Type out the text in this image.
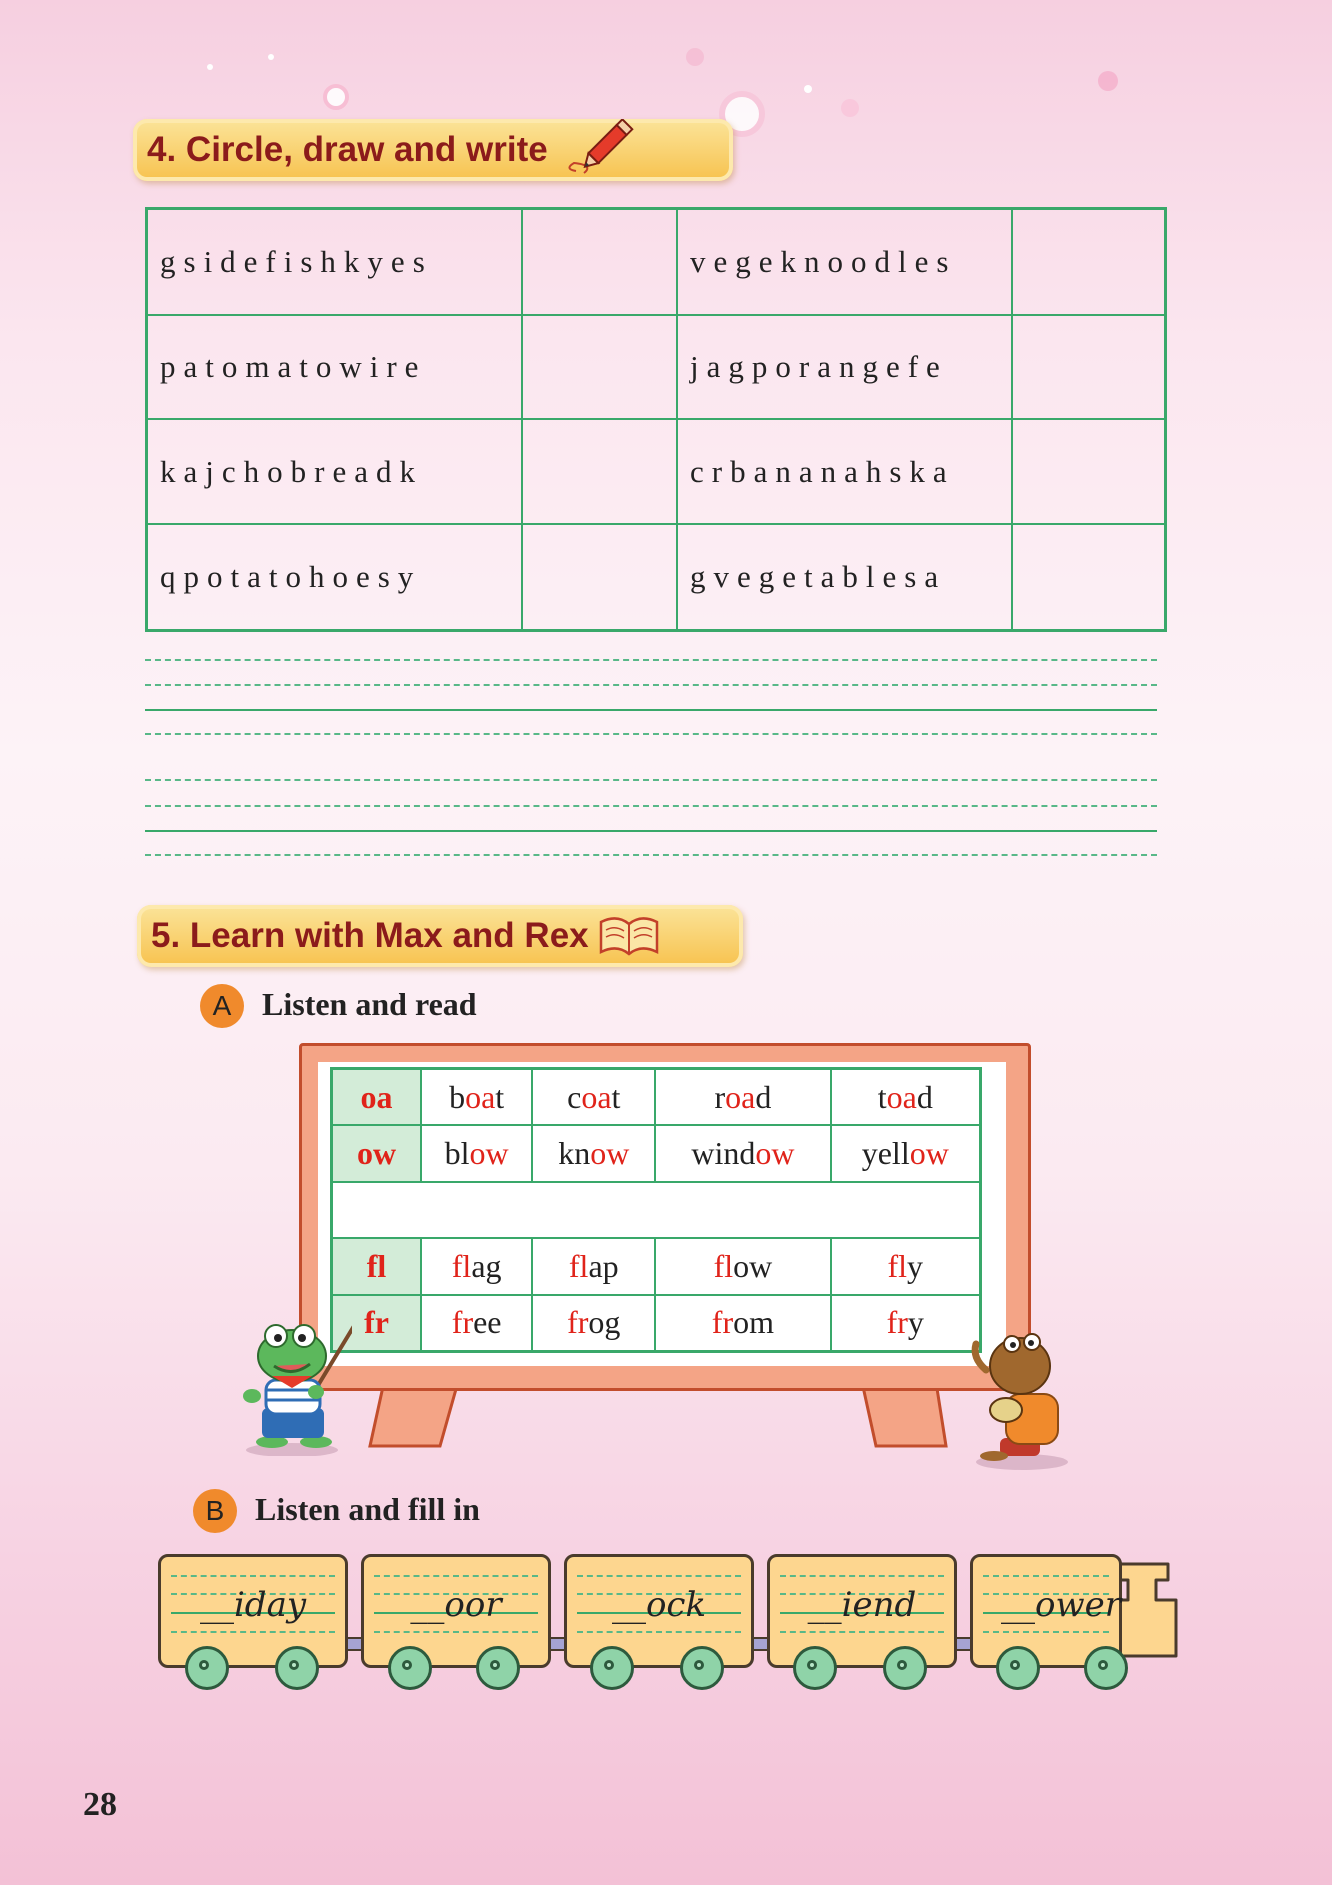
4. Circle, draw and write
gsidefishkyes		vegeknoodles	
patomatowire		jagporangefe	
kajchobreadk		crbananahska	
qpotatohoesy		gvegetablesa	
5. Learn with Max and Rex
A Listen and read
oa	boat	coat	road	toad
ow	blow	know	window	yellow

fl	flag	flap	flow	fly
fr	free	frog	from	fry
B Listen and fill in
__iday	__oor	__ock	__iend	__ower
28
